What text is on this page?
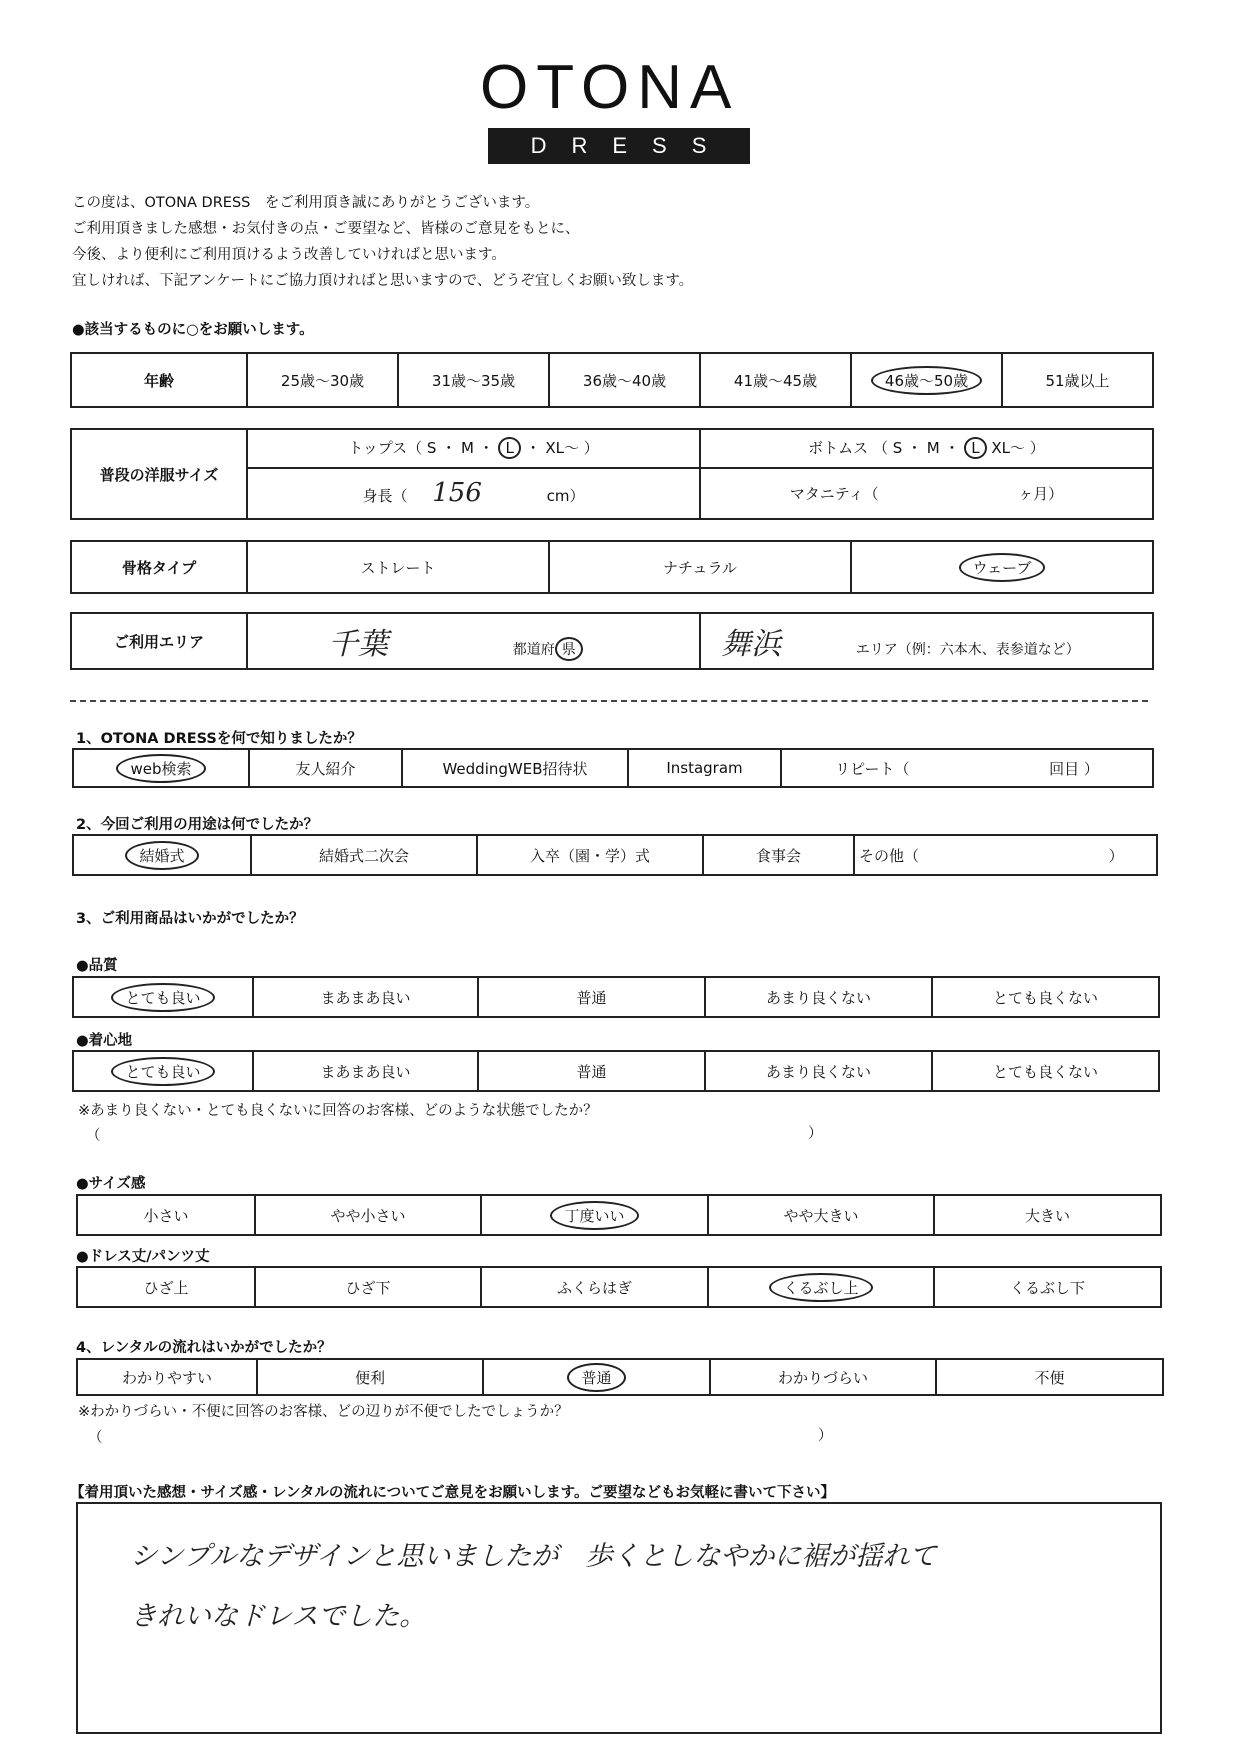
OTONA
DRESS
この度は、OTONA DRESS　をご利用頂き誠にありがとうございます。
ご利用頂きました感想・お気付きの点・ご要望など、皆様のご意見をもとに、
今後、より便利にご利用頂けるよう改善していければと思います。
宜しければ、下記アンケートにご協力頂ければと思いますので、どうぞ宜しくお願い致します。
●該当するものに○をお願いします。
年齢	25歳～30歳	31歳～35歳	36歳～40歳	41歳～45歳	46歳～50歳	51歳以上
普段の洋服サイズ	トップス（ S ・ M ・ L ・ XL～ ）	ボトムス （ S ・ M ・ L XL～ ）
	身長（ 156 cm）	マタニティ（ ヶ月）
骨格タイプ	ストレート	ナチュラル	ウェーブ
ご利用エリア	千葉	都道府 県	舞浜	エリア（例：六本木、表参道など）
1、OTONA DRESSを何で知りましたか？
web検索	友人紹介	WeddingWEB招待状	Instagram	リピート（	回目 ）
2、今回ご利用の用途は何でしたか？
結婚式	結婚式二次会	入卒（園・学）式	食事会	その他（	）
3、ご利用商品はいかがでしたか？
●品質
とても良い	まあまあ良い	普通	あまり良くない	とても良くない
●着心地
とても良い	まあまあ良い	普通	あまり良くない	とても良くない
※あまり良くない・とても良くないに回答のお客様、どのような状態でしたか？
（	）
●サイズ感
小さい	やや小さい	丁度いい	やや大きい	大きい
●ドレス丈/パンツ丈
ひざ上	ひざ下	ふくらはぎ	くるぶし上	くるぶし下
4、レンタルの流れはいかがでしたか？
わかりやすい	便利	普通	わかりづらい	不便
※わかりづらい・不便に回答のお客様、どの辺りが不便でしたでしょうか？
（	）
【着用頂いた感想・サイズ感・レンタルの流れについてご意見をお願いします。ご要望などもお気軽に書いて下さい】
シンプルなデザインと思いましたが　歩くとしなやかに裾が揺れて
きれいなドレスでした。
